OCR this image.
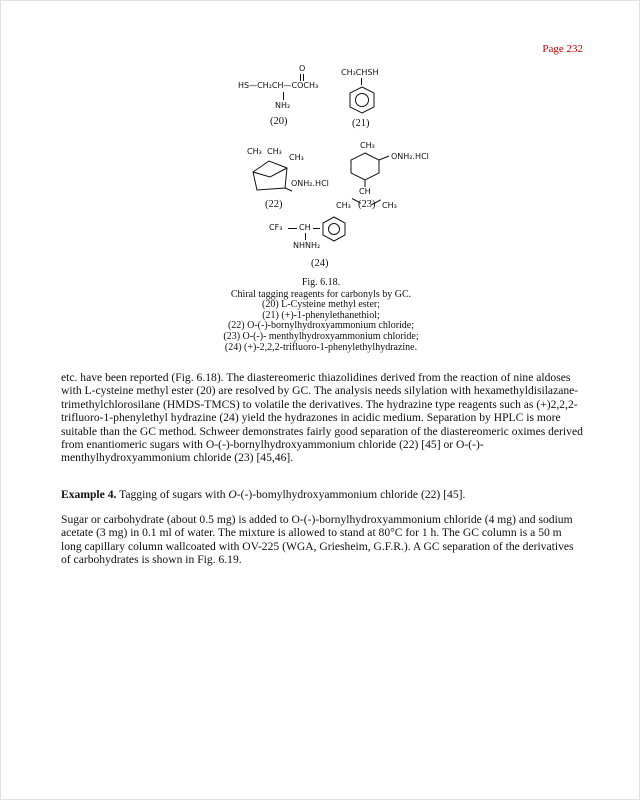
Page 232
O
HS—CH₂CH—COCH₃
NH₂
(20)
CH₃CHSH
(21)
CH₃ CH₃
CH₃
ONH₂.HCl
(22)
CH₃
ONH₂.HCl
CH
CH₃	CH₃
(23)
CF₃ CH
NHNH₂
(24)
Fig. 6.18.
Chiral tagging reagents for carbonyls by GC.
(20) L-Cysteine methyl ester;
(21) (+)-1-phenylethanethiol;
(22) O-(-)-bornylhydroxyammonium chloride;
(23) O-(-)- menthylhydroxyammonium chloride;
(24) (+)-2,2,2-trifluoro-1-phenylethylhydrazine.
etc. have been reported (Fig. 6.18). The diastereomeric thiazolidines derived from the reaction of nine aldoses with L-cysteine methyl ester (20) are resolved by GC. The analysis needs silylation with hexamethyldisilazane-trimethylchlorosilane (HMDS-TMCS) to volatile the derivatives. The hydrazine type reagents such as (+)2,2,2-trifluoro-1-phenylethyl hydrazine (24) yield the hydrazones in acidic medium. Separation by HPLC is more suitable than the GC method. Schweer demonstrates fairly good separation of the diastereomeric oximes derived from enantiomeric sugars with O-(-)-bornylhydroxyammonium chloride (22) [45] or O-(-)-menthylhydroxyammonium chloride (23) [45,46].
Example 4. Tagging of sugars with O-(-)-bomylhydroxyammonium chloride (22) [45].
Sugar or carbohydrate (about 0.5 mg) is added to O-(-)-bornylhydroxyammonium chloride (4 mg) and sodium acetate (3 mg) in 0.1 ml of water. The mixture is allowed to stand at 80°C for 1 h. The GC column is a 50 m long capillary column wallcoated with OV-225 (WGA, Griesheim, G.F.R.). A GC separation of the derivatives of carbohydrates is shown in Fig. 6.19.
